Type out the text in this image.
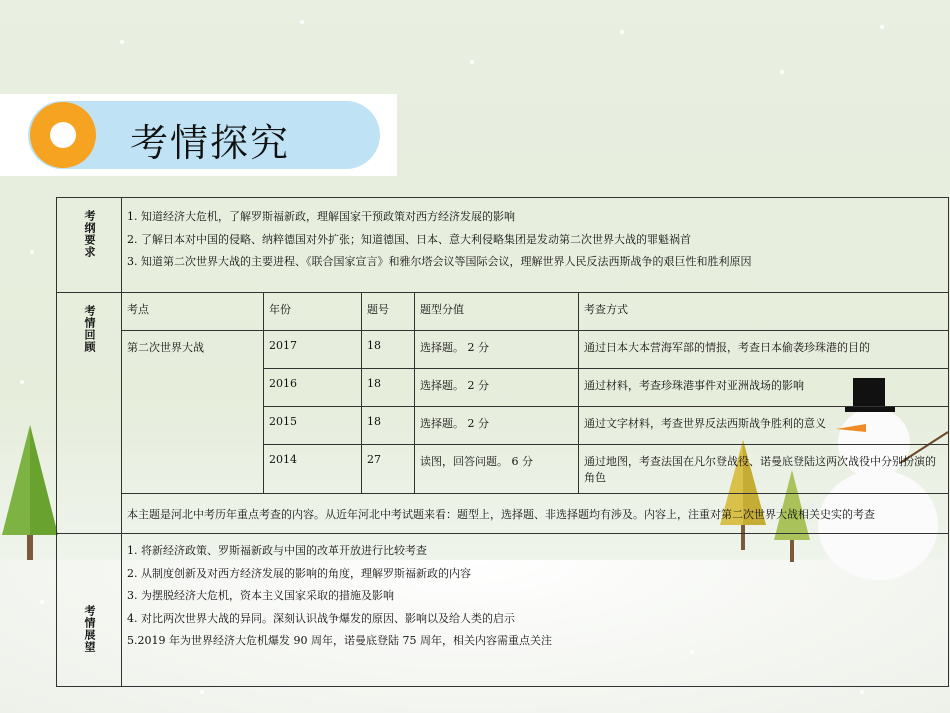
考情探究
考纲要求	1. 知道经济大危机，了解罗斯福新政，理解国家干预政策对西方经济发展的影响
2. 了解日本对中国的侵略、纳粹德国对外扩张；知道德国、日本、意大利侵略集团是发动第二次世界大战的罪魁祸首
3. 知道第二次世界大战的主要进程、《联合国家宣言》和雅尔塔会议等国际会议，理解世界人民反法西斯战争的艰巨性和胜利原因				

考情回顾	考点	年份	题号	题型分值	考查方式
	第二次世界大战	2017	18	选择题。 2 分	通过日本大本营海军部的情报，考查日本偷袭珍珠港的目的
		2016	18	选择题。 2 分	通过材料，考查珍珠港事件对亚洲战场的影响
		2015	18	选择题。 2 分	通过文字材料，考查世界反法西斯战争胜利的意义
		2014	27	读图，回答问题。 6 分	通过地图，考查法国在凡尔登战役、诺曼底登陆这两次战役中分别扮演的角色
	本主题是河北中考历年重点考查的内容。从近年河北中考试题来看：题型上，选择题、非选择题均有涉及。内容上，注重对第二次世界大战相关史实的考查				
考情展望	1. 将新经济政策、罗斯福新政与中国的改革开放进行比较考查
2. 从制度创新及对西方经济发展的影响的角度，理解罗斯福新政的内容
3. 为摆脱经济大危机，资本主义国家采取的措施及影响
4. 对比两次世界大战的异同。深刻认识战争爆发的原因、影响以及给人类的启示
5.2019 年为世界经济大危机爆发 90 周年，诺曼底登陆 75 周年，相关内容需重点关注				
